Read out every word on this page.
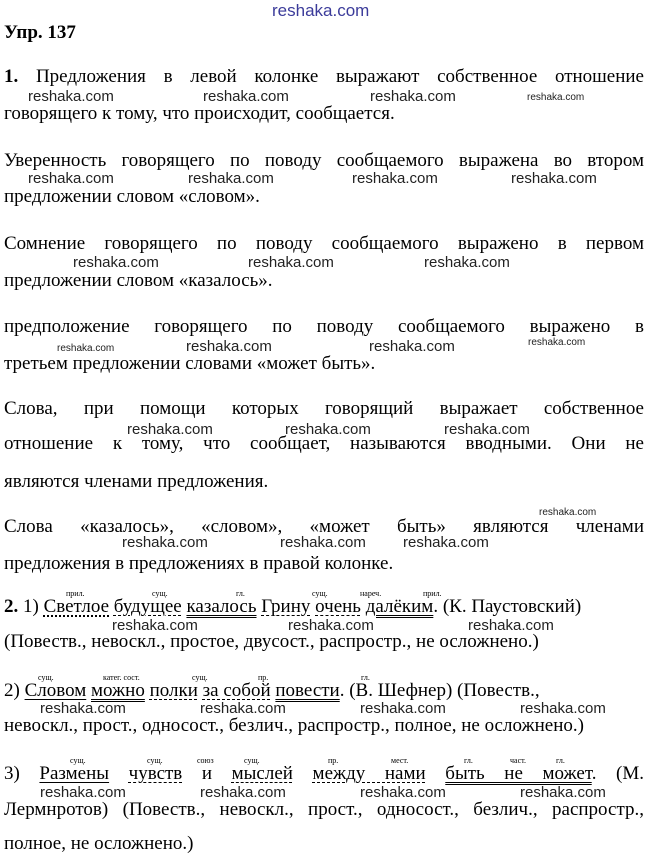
reshaka.com
Упр. 137
1. Предложения в левой колонке выражают собственное отношение
говорящего к тому, что происходит, сообщается.
Уверенность говорящего по поводу сообщаемого выражена во втором
предложении словом «словом».
Сомнение говорящего по поводу сообщаемого выражено в первом
предложении словом «казалось».
предположение говорящего по поводу сообщаемого выражено в
третьем предложении словами «может быть».
Слова, при помощи которых говорящий выражает собственное
отношение к тому, что сообщает, называются вводными. Они не
являются членами предложения.
Слова «казалось», «словом», «может быть» являются членами
предложения в предложениях в правой колонке.
2. 1) Светлое будущее казалось Грину очень далёким. (К. Паустовский)
(Повеств., невоскл., простое, двусост., распростр., не осложнено.)
прил.	сущ.	гл.	сущ.	нареч.	прил.
2) Словом можно полки за собой повести. (В. Шефнер) (Повеств.,
невоскл., прост., односост., безлич., распростр., полное, не осложнено.)
сущ.	катег. сост.	сущ.	пр.	гл.
3) Размены чувств и мыслей между нами быть не может. (М.
Лермнротов) (Повеств., невоскл., прост., односост., безлич., распростр.,
полное, не осложнено.)
сущ.	сущ.	союз	сущ.	пр.	мест.	гл.	част.	гл.
reshaka.com	reshaka.com	reshaka.com	reshaka.com
reshaka.com	reshaka.com	reshaka.com	reshaka.com
reshaka.com	reshaka.com	reshaka.com
reshaka.com	reshaka.com	reshaka.com	reshaka.com
reshaka.com	reshaka.com	reshaka.com
reshaka.com
reshaka.com	reshaka.com reshaka.com
reshaka.com	reshaka.com	reshaka.com
reshaka.com	reshaka.com	reshaka.com	reshaka.com
reshaka.com	reshaka.com	reshaka.com	reshaka.com
